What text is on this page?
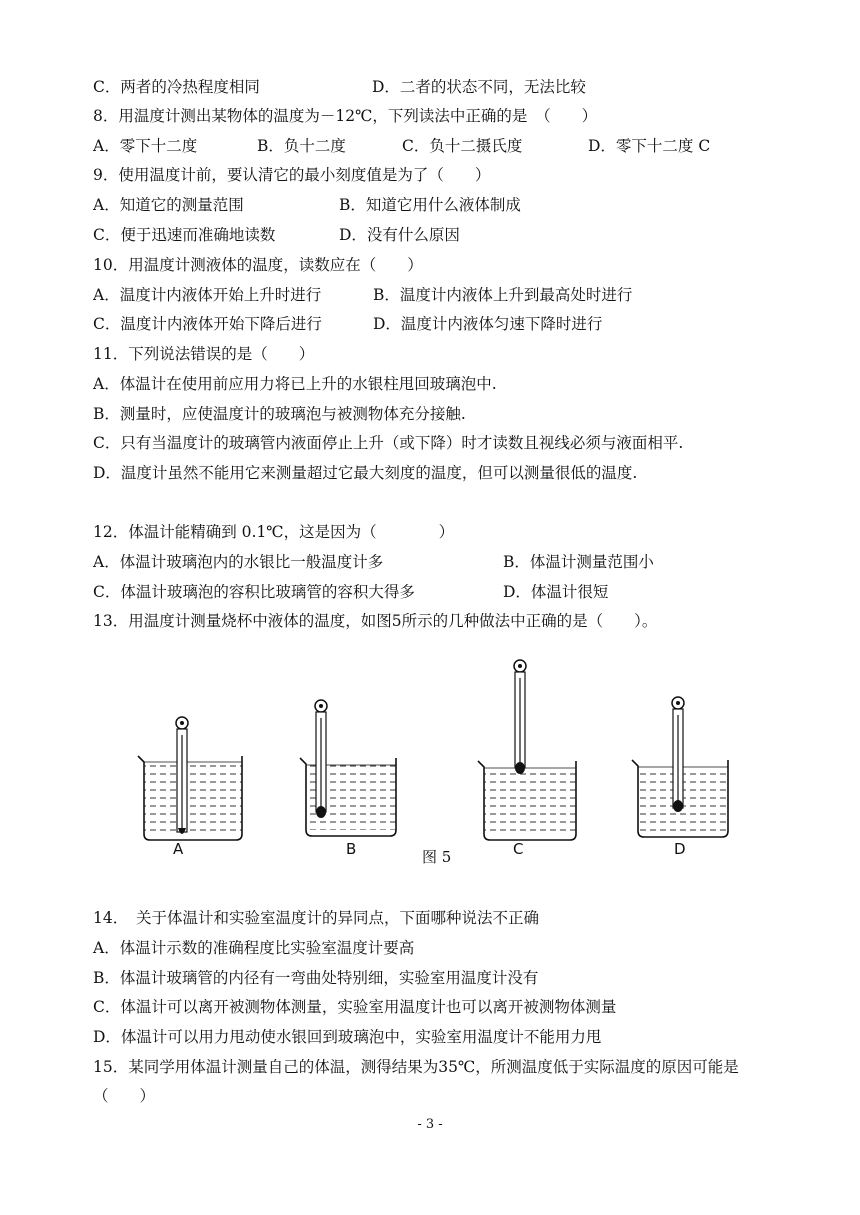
C．两者的冷热程度相同	D．二者的状态不同，无法比较
8．用温度计测出某物体的温度为－12℃，下列读法中正确的是　（　　）
A．零下十二度	B．负十二度	C．负十二摄氏度	D．零下十二度 C
9．使用温度计前，要认清它的最小刻度值是为了（　　）
A．知道它的测量范围	B．知道它用什么液体制成
C．便于迅速而准确地读数	D．没有什么原因
10．用温度计测液体的温度，读数应在（　　）
A．温度计内液体开始上升时进行	B．温度计内液体上升到最高处时进行
C．温度计内液体开始下降后进行	D．温度计内液体匀速下降时进行
11．下列说法错误的是（　　）
A．体温计在使用前应用力将已上升的水银柱甩回玻璃泡中.
B．测量时，应使温度计的玻璃泡与被测物体充分接触.
C．只有当温度计的玻璃管内液面停止上升（或下降）时才读数且视线必须与液面相平.
D．温度计虽然不能用它来测量超过它最大刻度的温度，但可以测量很低的温度.
12．体温计能精确到 0.1℃，这是因为（　　　　）
A．体温计玻璃泡内的水银比一般温度计多	B．体温计测量范围小
C．体温计玻璃泡的容积比玻璃管的容积大得多	D．体温计很短
13．用温度计测量烧杯中液体的温度，如图5所示的几种做法中正确的是（　　）。
A	B	C	D
图 5
14．　关于体温计和实验室温度计的异同点，下面哪种说法不正确
A．体温计示数的准确程度比实验室温度计要高
B．体温计玻璃管的内径有一弯曲处特别细，实验室用温度计没有
C．体温计可以离开被测物体测量，实验室用温度计也可以离开被测物体测量
D．体温计可以用力甩动使水银回到玻璃泡中，实验室用温度计不能用力甩
15．某同学用体温计测量自己的体温，测得结果为35℃，所测温度低于实际温度的原因可能是
（　　）
- 3 -
